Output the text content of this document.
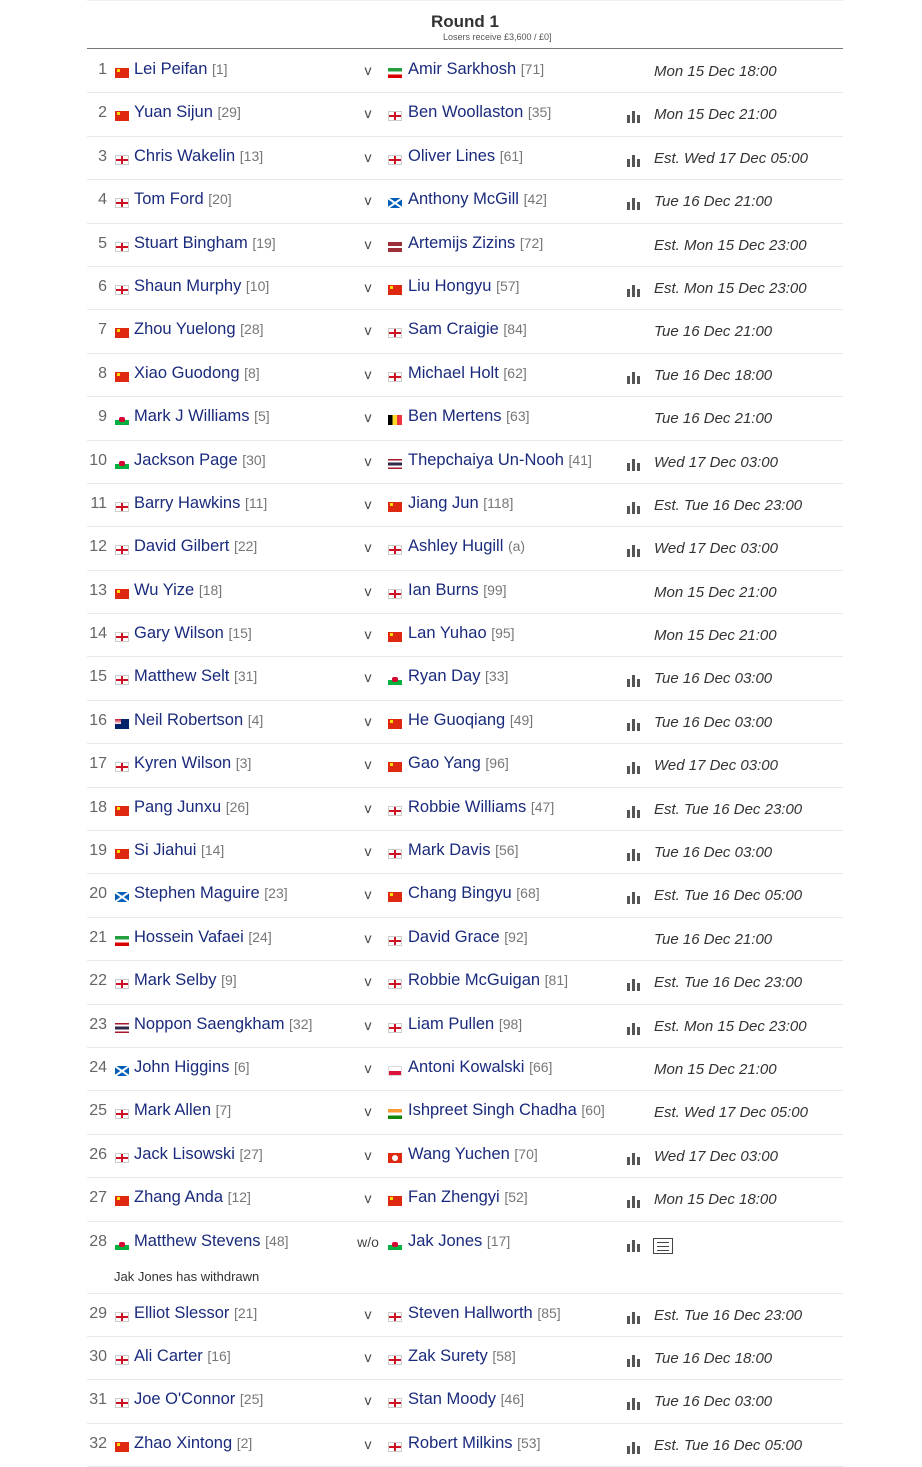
Round 1
Losers receive £3,600 / £0]
1 Lei Peifan [1]	v	Amir Sarkhosh [71]	Mon 15 Dec 18:00
2 Yuan Sijun [29]	v	Ben Woollaston [35]	Mon 15 Dec 21:00
3 Chris Wakelin [13]	v	Oliver Lines [61]	Est. Wed 17 Dec 05:00
4 Tom Ford [20]	v	Anthony McGill [42]	Tue 16 Dec 21:00
5 Stuart Bingham [19]	v	Artemijs Zizins [72]	Est. Mon 15 Dec 23:00
6 Shaun Murphy [10]	v	Liu Hongyu [57]	Est. Mon 15 Dec 23:00
7 Zhou Yuelong [28]	v	Sam Craigie [84]	Tue 16 Dec 21:00
8 Xiao Guodong [8]	v	Michael Holt [62]	Tue 16 Dec 18:00
9 Mark J Williams [5]	v	Ben Mertens [63]	Tue 16 Dec 21:00
10 Jackson Page [30]	v	Thepchaiya Un-Nooh [41]	Wed 17 Dec 03:00
11 Barry Hawkins [11]	v	Jiang Jun [118]	Est. Tue 16 Dec 23:00
12 David Gilbert [22]	v	Ashley Hugill (a)	Wed 17 Dec 03:00
13 Wu Yize [18]	v	Ian Burns [99]	Mon 15 Dec 21:00
14 Gary Wilson [15]	v	Lan Yuhao [95]	Mon 15 Dec 21:00
15 Matthew Selt [31]	v	Ryan Day [33]	Tue 16 Dec 03:00
16 Neil Robertson [4]	v	He Guoqiang [49]	Tue 16 Dec 03:00
17 Kyren Wilson [3]	v	Gao Yang [96]	Wed 17 Dec 03:00
18 Pang Junxu [26]	v	Robbie Williams [47]	Est. Tue 16 Dec 23:00
19 Si Jiahui [14]	v	Mark Davis [56]	Tue 16 Dec 03:00
20 Stephen Maguire [23]	v	Chang Bingyu [68]	Est. Tue 16 Dec 05:00
21 Hossein Vafaei [24]	v	David Grace [92]	Tue 16 Dec 21:00
22 Mark Selby [9]	v	Robbie McGuigan [81]	Est. Tue 16 Dec 23:00
23 Noppon Saengkham [32]	v	Liam Pullen [98]	Est. Mon 15 Dec 23:00
24 John Higgins [6]	v	Antoni Kowalski [66]	Mon 15 Dec 21:00
25 Mark Allen [7]	v	Ishpreet Singh Chadha [60]	Est. Wed 17 Dec 05:00
26 Jack Lisowski [27]	v	Wang Yuchen [70]	Wed 17 Dec 03:00
27 Zhang Anda [12]	v	Fan Zhengyi [52]	Mon 15 Dec 18:00
28 Matthew Stevens [48]	w/o	Jak Jones [17]
Jak Jones has withdrawn
29 Elliot Slessor [21]	v	Steven Hallworth [85]	Est. Tue 16 Dec 23:00
30 Ali Carter [16]	v	Zak Surety [58]	Tue 16 Dec 18:00
31 Joe O'Connor [25]	v	Stan Moody [46]	Tue 16 Dec 03:00
32 Zhao Xintong [2]	v	Robert Milkins [53]	Est. Tue 16 Dec 05:00
